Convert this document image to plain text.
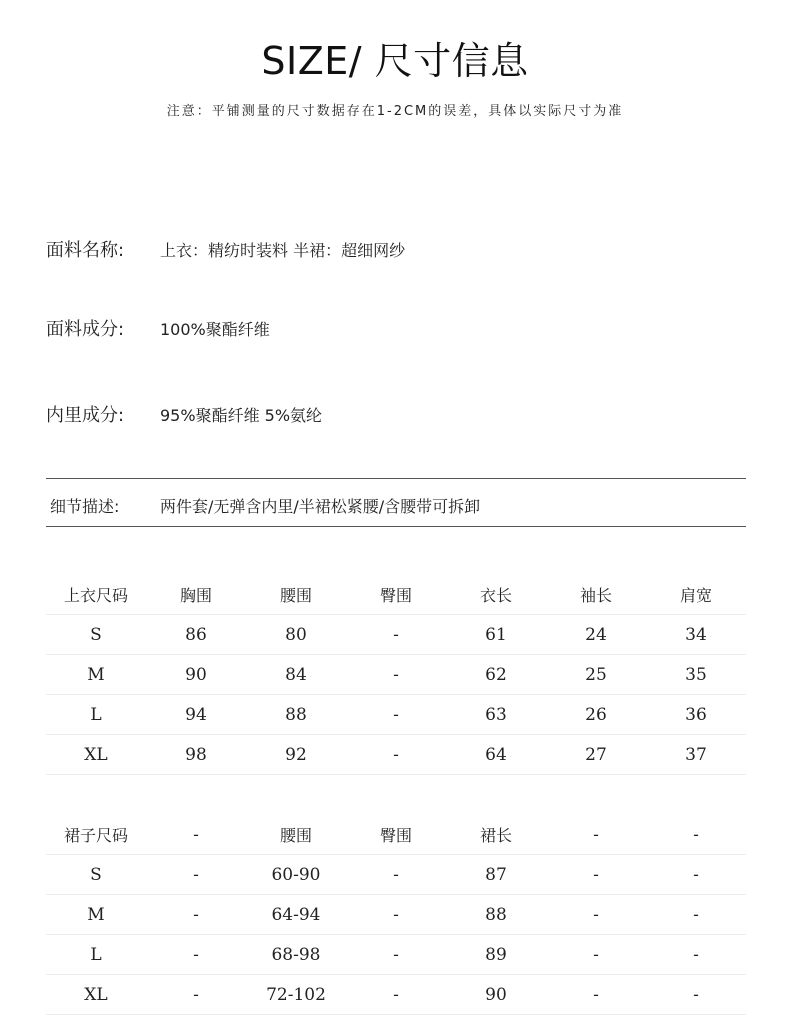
SIZE/ 尺寸信息
注意：平铺测量的尺寸数据存在1-2CM的误差，具体以实际尺寸为准
面料名称: 上衣：精纺时装料 半裙：超细网纱
面料成分: 100%聚酯纤维
内里成分: 95%聚酯纤维 5%氨纶
细节描述:	两件套/无弹含内里/半裙松紧腰/含腰带可拆卸
上衣尺码	胸围	腰围	臀围	衣长	袖长	肩宽
S	86	80	-	61	24	34
M	90	84	-	62	25	35
L	94	88	-	63	26	36
XL	98	92	-	64	27	37
裙子尺码	-	腰围	臀围	裙长	-	-
S	-	60-90	-	87	-	-
M	-	64-94	-	88	-	-
L	-	68-98	-	89	-	-
XL	-	72-102	-	90	-	-
